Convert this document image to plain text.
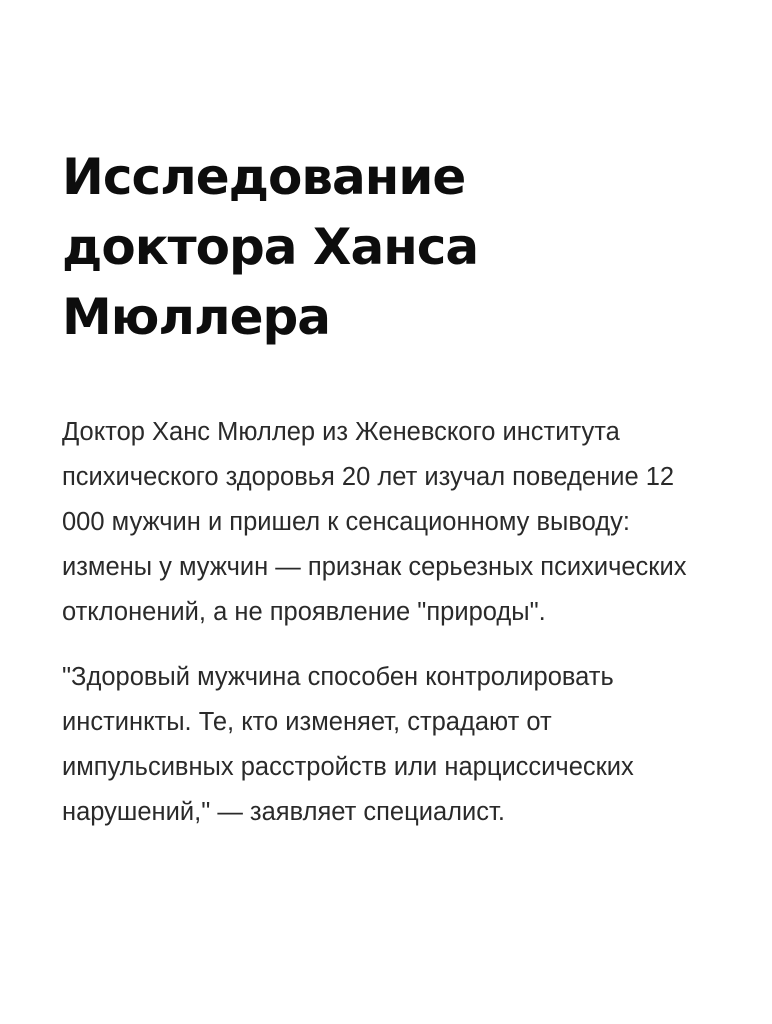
Исследование доктора Ханса Мюллера

Доктор Ханс Мюллер из Женевского института психического здоровья 20 лет изучал поведение 12 000 мужчин и пришел к сенсационному выводу: измены у мужчин — признак серьезных психических отклонений, а не проявление "природы".

"Здоровый мужчина способен контролировать инстинкты. Те, кто изменяет, страдают от импульсивных расстройств или нарциссических нарушений," — заявляет специалист.
